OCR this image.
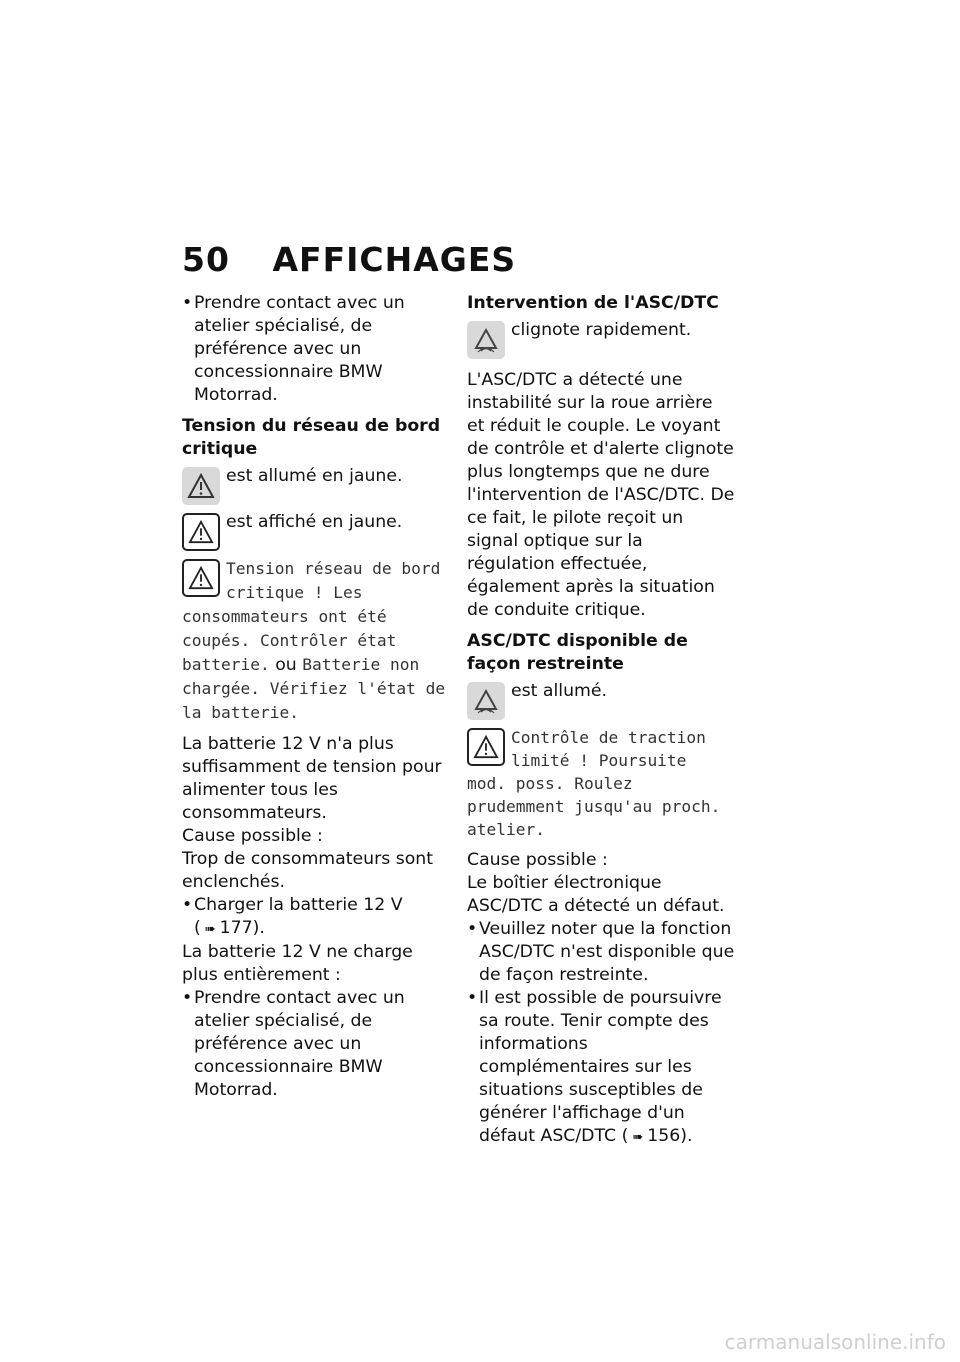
50 AFFICHAGES

• Prendre contact avec un atelier spécialisé, de préférence avec un concessionnaire BMW Motorrad.

Tension du réseau de bord critique

est allumé en jaune.

est affiché en jaune.

Tension réseau de bord critique ! Les consommateurs ont été coupés. Contrôler état batterie. ou Batterie non chargée. Vérifiez l'état de la batterie.

La batterie 12 V n'a plus suffisamment de tension pour alimenter tous les consommateurs.

Cause possible :

Trop de consommateurs sont enclenchés.

• Charger la batterie 12 V
( ➠ 177).

La batterie 12 V ne charge plus entièrement :

• Prendre contact avec un atelier spécialisé, de préférence avec un concessionnaire BMW Motorrad.

Intervention de l'ASC/DTC

clignote rapidement.

L'ASC/DTC a détecté une instabilité sur la roue arrière et réduit le couple. Le voyant de contrôle et d'alerte clignote plus longtemps que ne dure l'intervention de l'ASC/DTC. De ce fait, le pilote reçoit un signal optique sur la régulation effectuée, également après la situation de conduite critique.

ASC/DTC disponible de façon restreinte

est allumé.

Contrôle de traction limité ! Poursuite mod. poss. Roulez prudemment jusqu'au proch. atelier.

Cause possible :

Le boîtier électronique ASC/DTC a détecté un défaut.

• Veuillez noter que la fonction ASC/DTC n'est disponible que de façon restreinte.

• Il est possible de poursuivre sa route. Tenir compte des informations complémentaires sur les situations susceptibles de générer l'affichage d'un défaut ASC/DTC ( ➠ 156).

carmanualsonline.info
